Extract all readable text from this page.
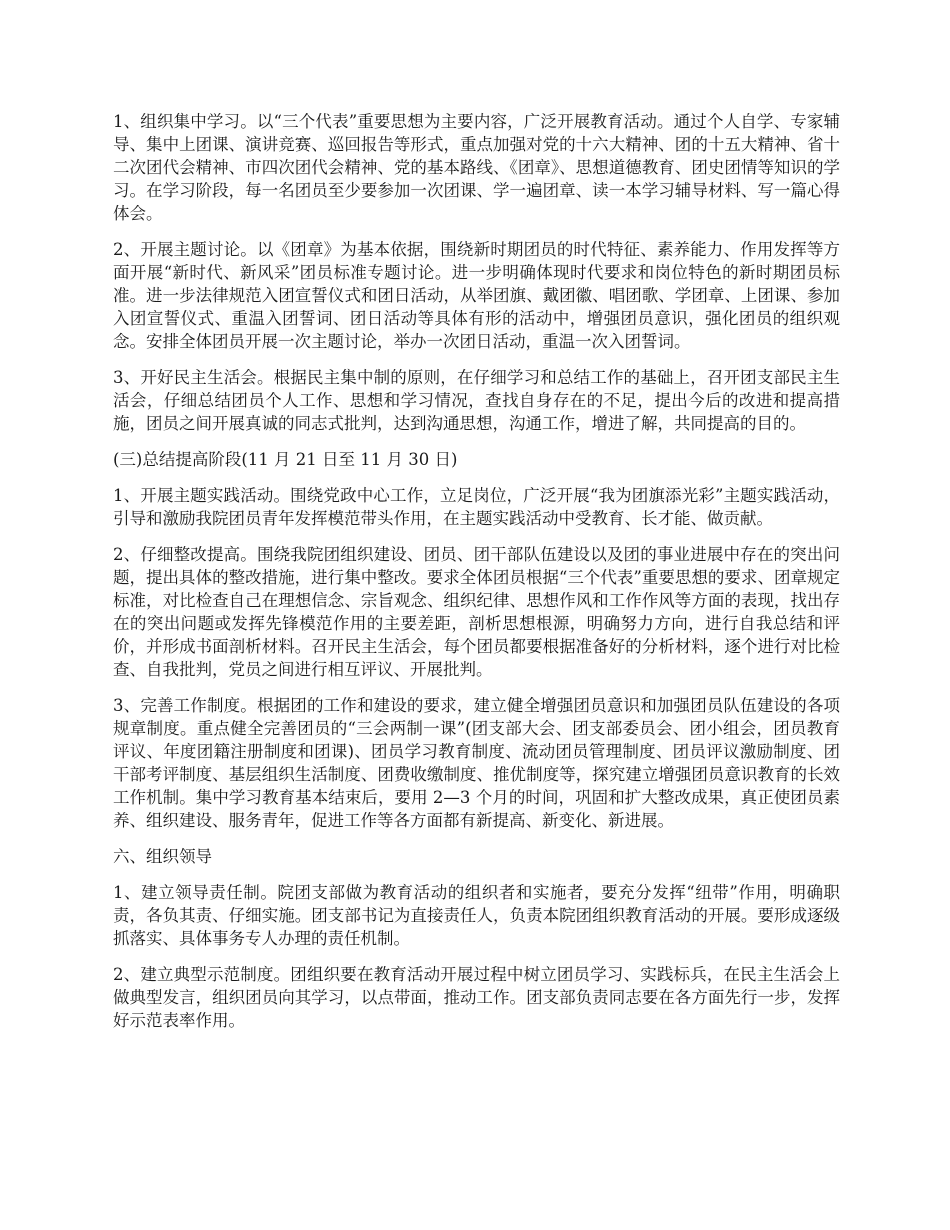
1、组织集中学习。以“三个代表”重要思想为主要内容，广泛开展教育活动。通过个人自学、专家辅导、集中上团课、演讲竞赛、巡回报告等形式，重点加强对党的十六大精神、团的十五大精神、省十二次团代会精神、市四次团代会精神、党的基本路线、《团章》、思想道德教育、团史团情等知识的学习。在学习阶段，每一名团员至少要参加一次团课、学一遍团章、读一本学习辅导材料、写一篇心得体会。

2、开展主题讨论。以《团章》为基本依据，围绕新时期团员的时代特征、素养能力、作用发挥等方面开展“新时代、新风采”团员标准专题讨论。进一步明确体现时代要求和岗位特色的新时期团员标准。进一步法律规范入团宣誓仪式和团日活动，从举团旗、戴团徽、唱团歌、学团章、上团课、参加入团宣誓仪式、重温入团誓词、团日活动等具体有形的活动中，增强团员意识，强化团员的组织观念。安排全体团员开展一次主题讨论，举办一次团日活动，重温一次入团誓词。

3、开好民主生活会。根据民主集中制的原则，在仔细学习和总结工作的基础上，召开团支部民主生活会，仔细总结团员个人工作、思想和学习情况，查找自身存在的不足，提出今后的改进和提高措施，团员之间开展真诚的同志式批判，达到沟通思想，沟通工作，增进了解，共同提高的目的。

(三)总结提高阶段(11 月 21 日至 11 月 30 日)

1、开展主题实践活动。围绕党政中心工作，立足岗位，广泛开展“我为团旗添光彩”主题实践活动，引导和激励我院团员青年发挥模范带头作用，在主题实践活动中受教育、长才能、做贡献。

2、仔细整改提高。围绕我院团组织建设、团员、团干部队伍建设以及团的事业进展中存在的突出问题，提出具体的整改措施，进行集中整改。要求全体团员根据“三个代表”重要思想的要求、团章规定标准，对比检查自己在理想信念、宗旨观念、组织纪律、思想作风和工作作风等方面的表现，找出存在的突出问题或发挥先锋模范作用的主要差距，剖析思想根源，明确努力方向，进行自我总结和评价，并形成书面剖析材料。召开民主生活会，每个团员都要根据准备好的分析材料，逐个进行对比检查、自我批判，党员之间进行相互评议、开展批判。

3、完善工作制度。根据团的工作和建设的要求，建立健全增强团员意识和加强团员队伍建设的各项规章制度。重点健全完善团员的“三会两制一课”(团支部大会、团支部委员会、团小组会，团员教育评议、年度团籍注册制度和团课)、团员学习教育制度、流动团员管理制度、团员评议激励制度、团干部考评制度、基层组织生活制度、团费收缴制度、推优制度等，探究建立增强团员意识教育的长效工作机制。集中学习教育基本结束后，要用 2—3 个月的时间，巩固和扩大整改成果，真正使团员素养、组织建设、服务青年，促进工作等各方面都有新提高、新变化、新进展。

六、组织领导

1、建立领导责任制。院团支部做为教育活动的组织者和实施者，要充分发挥“纽带”作用，明确职责，各负其责、仔细实施。团支部书记为直接责任人，负责本院团组织教育活动的开展。要形成逐级抓落实、具体事务专人办理的责任机制。

2、建立典型示范制度。团组织要在教育活动开展过程中树立团员学习、实践标兵，在民主生活会上做典型发言，组织团员向其学习，以点带面，推动工作。团支部负责同志要在各方面先行一步，发挥好示范表率作用。
